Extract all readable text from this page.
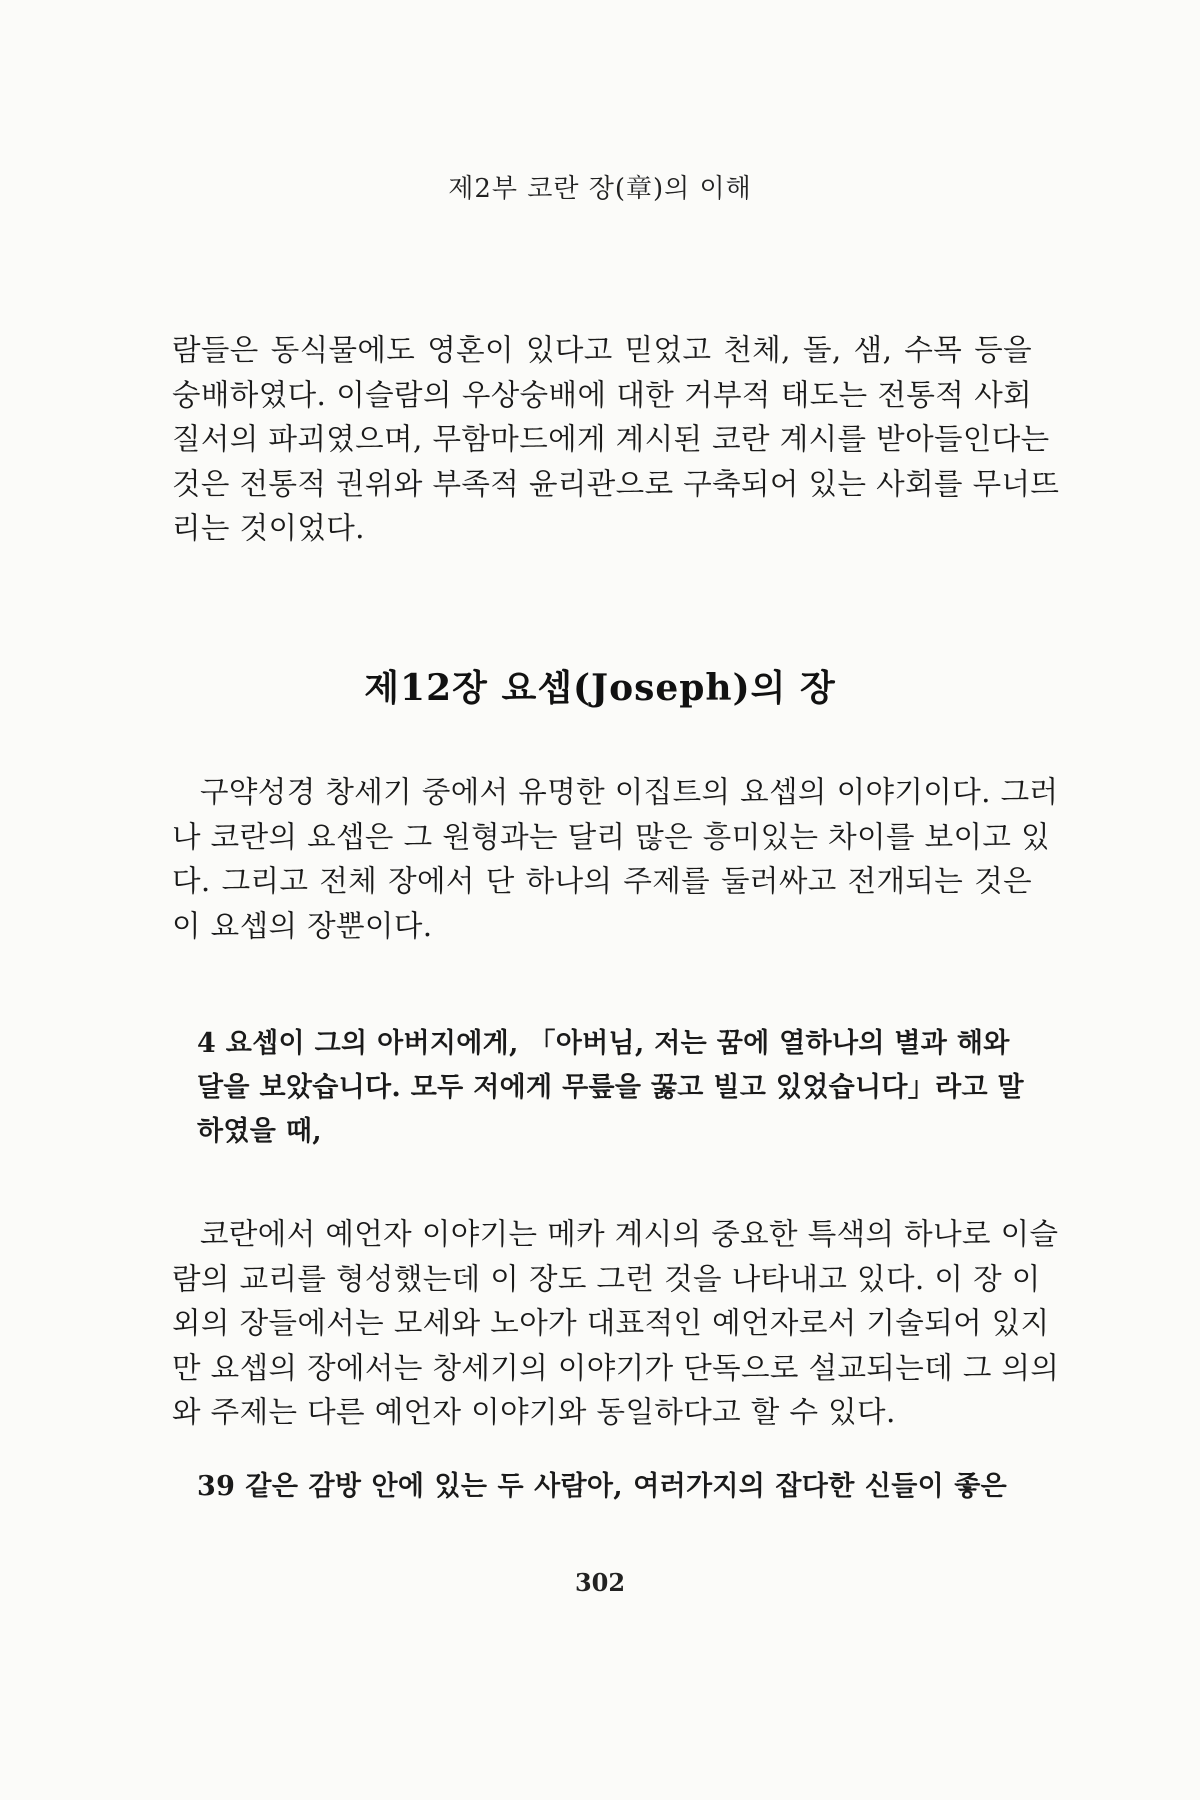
제2부 코란 장(章)의 이해
람들은 동식물에도 영혼이 있다고 믿었고 천체, 돌, 샘, 수목 등을
숭배하였다. 이슬람의 우상숭배에 대한 거부적 태도는 전통적 사회
질서의 파괴였으며, 무함마드에게 계시된 코란 계시를 받아들인다는
것은 전통적 권위와 부족적 윤리관으로 구축되어 있는 사회를 무너뜨
리는 것이었다.
제12장 요셉(Joseph)의 장
구약성경 창세기 중에서 유명한 이집트의 요셉의 이야기이다. 그러
나 코란의 요셉은 그 원형과는 달리 많은 흥미있는 차이를 보이고 있
다. 그리고 전체 장에서 단 하나의 주제를 둘러싸고 전개되는 것은
이 요셉의 장뿐이다.
4 요셉이 그의 아버지에게, 「아버님, 저는 꿈에 열하나의 별과 해와
달을 보았습니다. 모두 저에게 무릎을 꿇고 빌고 있었습니다」라고 말
하였을 때,
코란에서 예언자 이야기는 메카 계시의 중요한 특색의 하나로 이슬
람의 교리를 형성했는데 이 장도 그런 것을 나타내고 있다. 이 장 이
외의 장들에서는 모세와 노아가 대표적인 예언자로서 기술되어 있지
만 요셉의 장에서는 창세기의 이야기가 단독으로 설교되는데 그 의의
와 주제는 다른 예언자 이야기와 동일하다고 할 수 있다.
39 같은 감방 안에 있는 두 사람아, 여러가지의 잡다한 신들이 좋은
302
